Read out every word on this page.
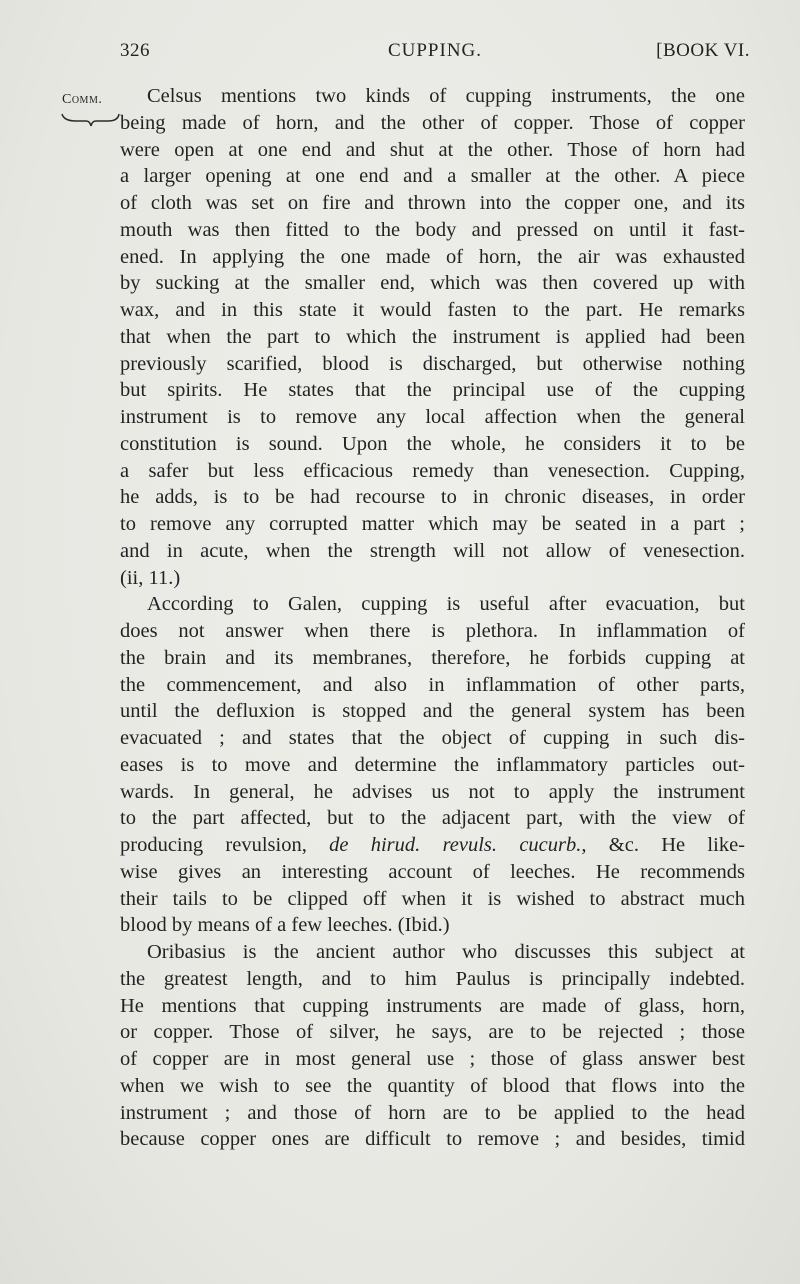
326	CUPPING.	[BOOK VI.
Comm.	Celsus mentions two kinds of cupping instruments, the one
being made of horn, and the other of copper. Those of copper
were open at one end and shut at the other. Those of horn had
a larger opening at one end and a smaller at the other. A piece
of cloth was set on fire and thrown into the copper one, and its
mouth was then fitted to the body and pressed on until it fast-
ened. In applying the one made of horn, the air was exhausted
by sucking at the smaller end, which was then covered up with
wax, and in this state it would fasten to the part. He remarks
that when the part to which the instrument is applied had been
previously scarified, blood is discharged, but otherwise nothing
but spirits. He states that the principal use of the cupping
instrument is to remove any local affection when the general
constitution is sound. Upon the whole, he considers it to be
a safer but less efficacious remedy than venesection. Cupping,
he adds, is to be had recourse to in chronic diseases, in order
to remove any corrupted matter which may be seated in a part ;
and in acute, when the strength will not allow of venesection.
(ii, 11.)
According to Galen, cupping is useful after evacuation, but
does not answer when there is plethora. In inflammation of
the brain and its membranes, therefore, he forbids cupping at
the commencement, and also in inflammation of other parts,
until the defluxion is stopped and the general system has been
evacuated ; and states that the object of cupping in such dis-
eases is to move and determine the inflammatory particles out-
wards. In general, he advises us not to apply the instrument
to the part affected, but to the adjacent part, with the view of
producing revulsion, de hirud. revuls. cucurb., &c. He like-
wise gives an interesting account of leeches. He recommends
their tails to be clipped off when it is wished to abstract much
blood by means of a few leeches. (Ibid.)
Oribasius is the ancient author who discusses this subject at
the greatest length, and to him Paulus is principally indebted.
He mentions that cupping instruments are made of glass, horn,
or copper. Those of silver, he says, are to be rejected ; those
of copper are in most general use ; those of glass answer best
when we wish to see the quantity of blood that flows into the
instrument ; and those of horn are to be applied to the head
because copper ones are difficult to remove ; and besides, timid
